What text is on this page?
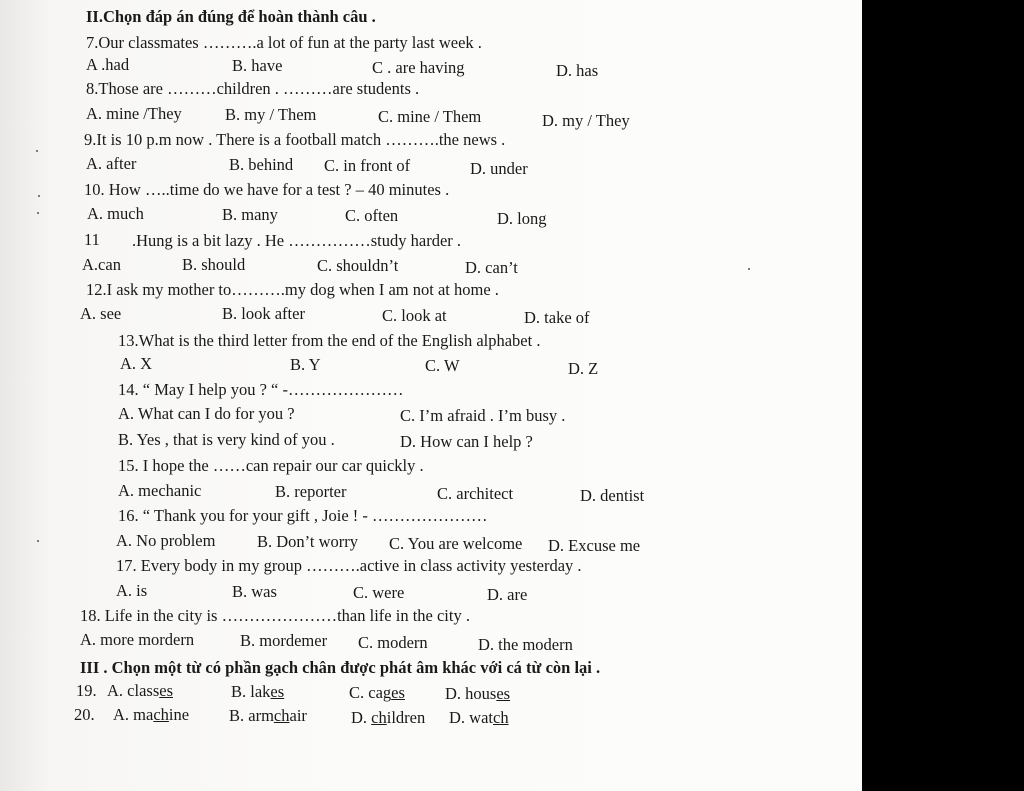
II.Chọn đáp án đúng để hoàn thành câu .
7.Our classmates ……….a lot of fun at the party last week .
A .had	B. have	C . are having	D. has
8.Those are ………children . ………are students .
A. mine /They	B. my / Them	C. mine / Them	D. my / They
9.It is 10 p.m now . There is a football match ……….the news .
A. after	B. behind C. in front of	D. under
10. How …..time do we have for a test ? – 40 minutes .
A. much	B. many	C. often	D. long
11 .Hung is a bit lazy . He ……………study harder .
A.can	B. should	C. shouldn’t	D. can’t
12.I ask my mother to……….my dog when I am not at home .
A. see	B. look after	C. look at	D. take of
13.What is the third letter from the end of the English alphabet .
A. X	B. Y	C. W	D. Z
14. “ May I help you ? “ -…………………
A. What can I do for you ?	C. I’m afraid . I’m busy .
B. Yes , that is very kind of you .	D. How can I help ?
15. I hope the ……can repair our car quickly .
A. mechanic	B. reporter	C. architect	D. dentist
16. “ Thank you for your gift , Joie ! - …………………
A. No problem	B. Don’t worry C. You are welcome D. Excuse me
17. Every body in my group ……….active in class activity yesterday .
A. is	B. was	C. were	D. are
18. Life in the city is …………………than life in the city .
A. more mordern	B. mordemer C. modern	D. the modern
III . Chọn một từ có phần gạch chân được phát âm khác với cá từ còn lại .
19. A. classes	B. lakes	C. cages D. houses
20. A. machine B. armchair	D. children D. watch
